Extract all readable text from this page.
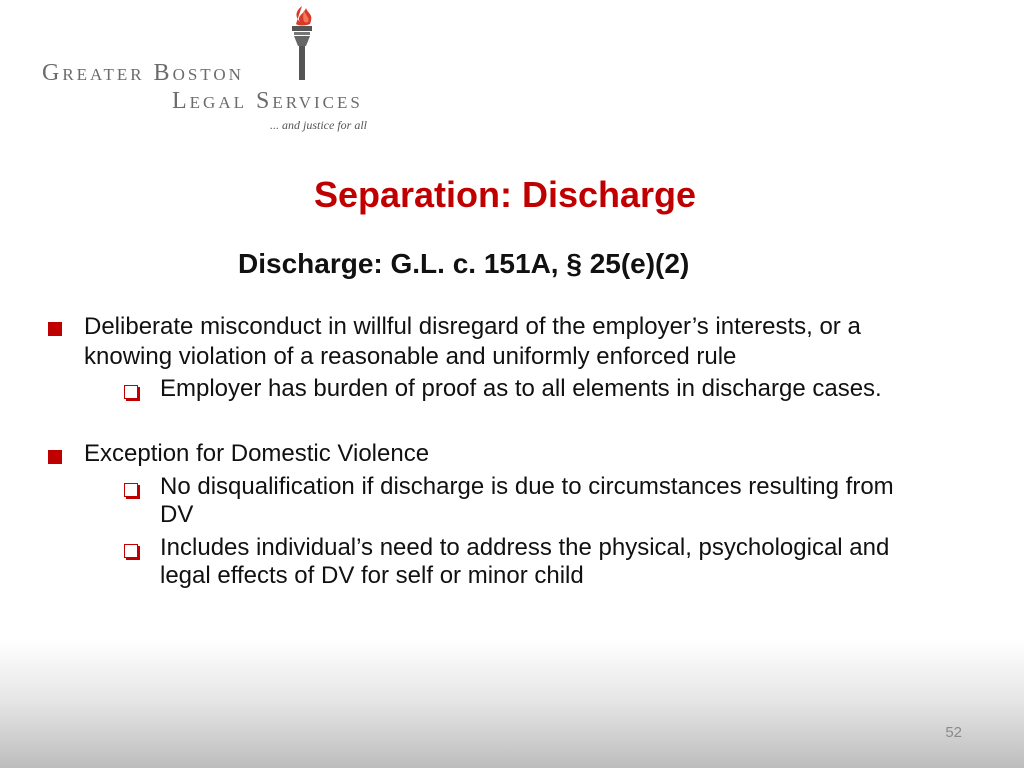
Greater Boston
Legal Services
... and justice for all
Separation: Discharge
Discharge: G.L. c. 151A, § 25(e)(2)
Deliberate misconduct in willful disregard of the employer’s interests, or a
knowing violation of a reasonable and uniformly enforced rule
Employer has burden of proof as to all elements in discharge cases.
Exception for Domestic Violence
No disqualification if discharge is due to circumstances resulting from
DV
Includes individual’s need to address the physical, psychological and
legal effects of DV for self or minor child
52
